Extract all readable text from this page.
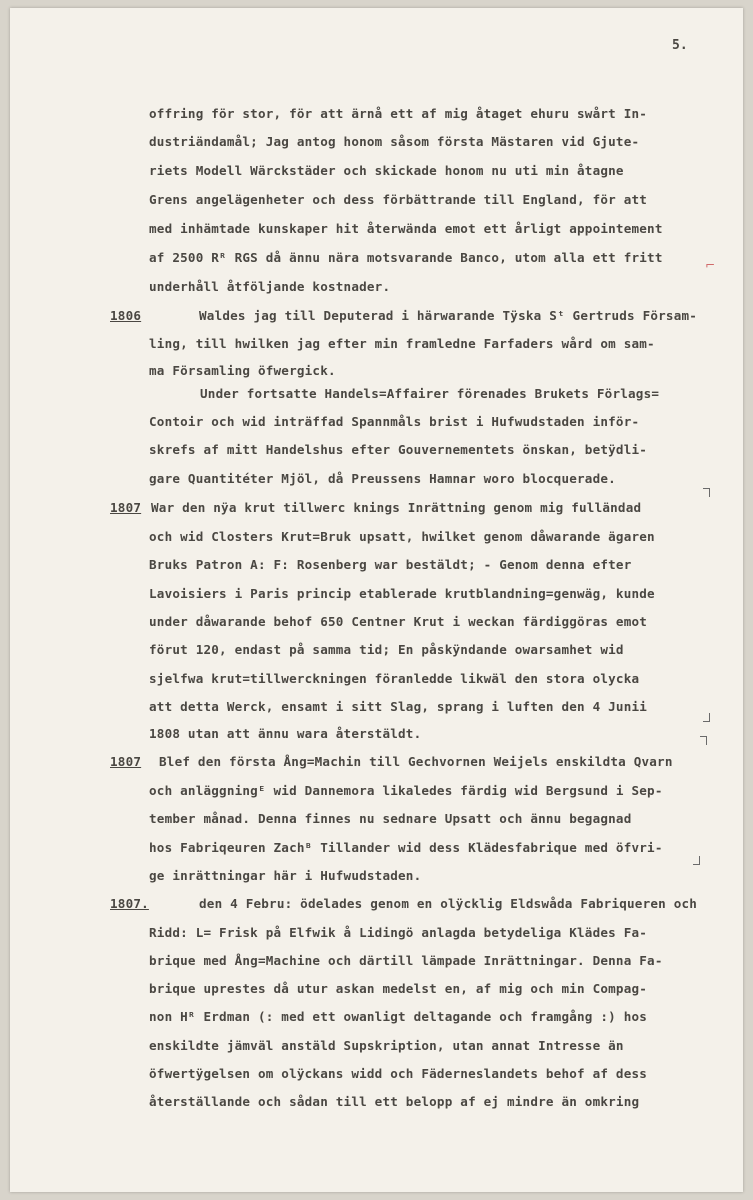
5.
⌐
offring för stor, för att ärnå ett af mig åtaget ehuru swårt In-
dustriändamål; Jag antog honom såsom första Mästaren vid Gjute-
riets Modell Wärckstäder och skickade honom nu uti min åtagne
Grens angelägenheter och dess förbättrande till England, för att
med inhämtade kunskaper hit återwända emot ett årligt appointement
af 2500 Rᴿ RGS då ännu nära motsvarande Banco, utom alla ett fritt
underhåll åtföljande kostnader.
Waldes jag till Deputerad i härwarande Tÿska Sᵗ Gertruds Försam-
1806
ling, till hwilken jag efter min framledne Farfaders wård om sam-
ma Församling öfwergick.
Under fortsatte Handels=Affairer förenades Brukets Förlags=
Contoir och wid inträffad Spannmåls brist i Hufwudstaden inför-
skrefs af mitt Handelshus efter Gouvernementets önskan, betÿdli-
gare Quantitéter Mjöl, då Preussens Hamnar woro blocquerade.
War den nÿa krut tillwerc knings Inrättning genom mig fulländad
1807
och wid Closters Krut=Bruk upsatt, hwilket genom dåwarande ägaren
Bruks Patron A: F: Rosenberg war bestäldt; - Genom denna efter
Lavoisiers i Paris princip etablerade krutblandning=genwäg, kunde
under dåwarande behof 650 Centner Krut i weckan färdiggöras emot
förut 120, endast på samma tid; En påskÿndande owarsamhet wid
sjelfwa krut=tillwerckningen föranledde likwäl den stora olycka
att detta Werck, ensamt i sitt Slag, sprang i luften den 4 Junii
1808 utan att ännu wara återstäldt.
Blef den första Ång=Machin till Gechvornen Weijels enskildta Qvarn
1807
och anläggningᴱ wid Dannemora likaledes färdig wid Bergsund i Sep-
tember månad. Denna finnes nu sednare Upsatt och ännu begagnad
hos Fabriqeuren Zachᴮ Tillander wid dess Klädesfabrique med öfvri-
ge inrättningar här i Hufwudstaden.
den 4 Febru: ödelades genom en olÿcklig Eldswåda Fabriqueren och
1807.
Ridd: L= Frisk på Elfwik å Lidingö anlagda betydeliga Klädes Fa-
brique med Ång=Machine och därtill lämpade Inrättningar. Denna Fa-
brique uprestes då utur askan medelst en, af mig och min Compag-
non Hᴿ Erdman (: med ett owanligt deltagande och framgång :) hos
enskildte jämväl anstäld Supskription, utan annat Intresse än
öfwertÿgelsen om olÿckans widd och Fäderneslandets behof af dess
återställande och sådan till ett belopp af ej mindre än omkring
